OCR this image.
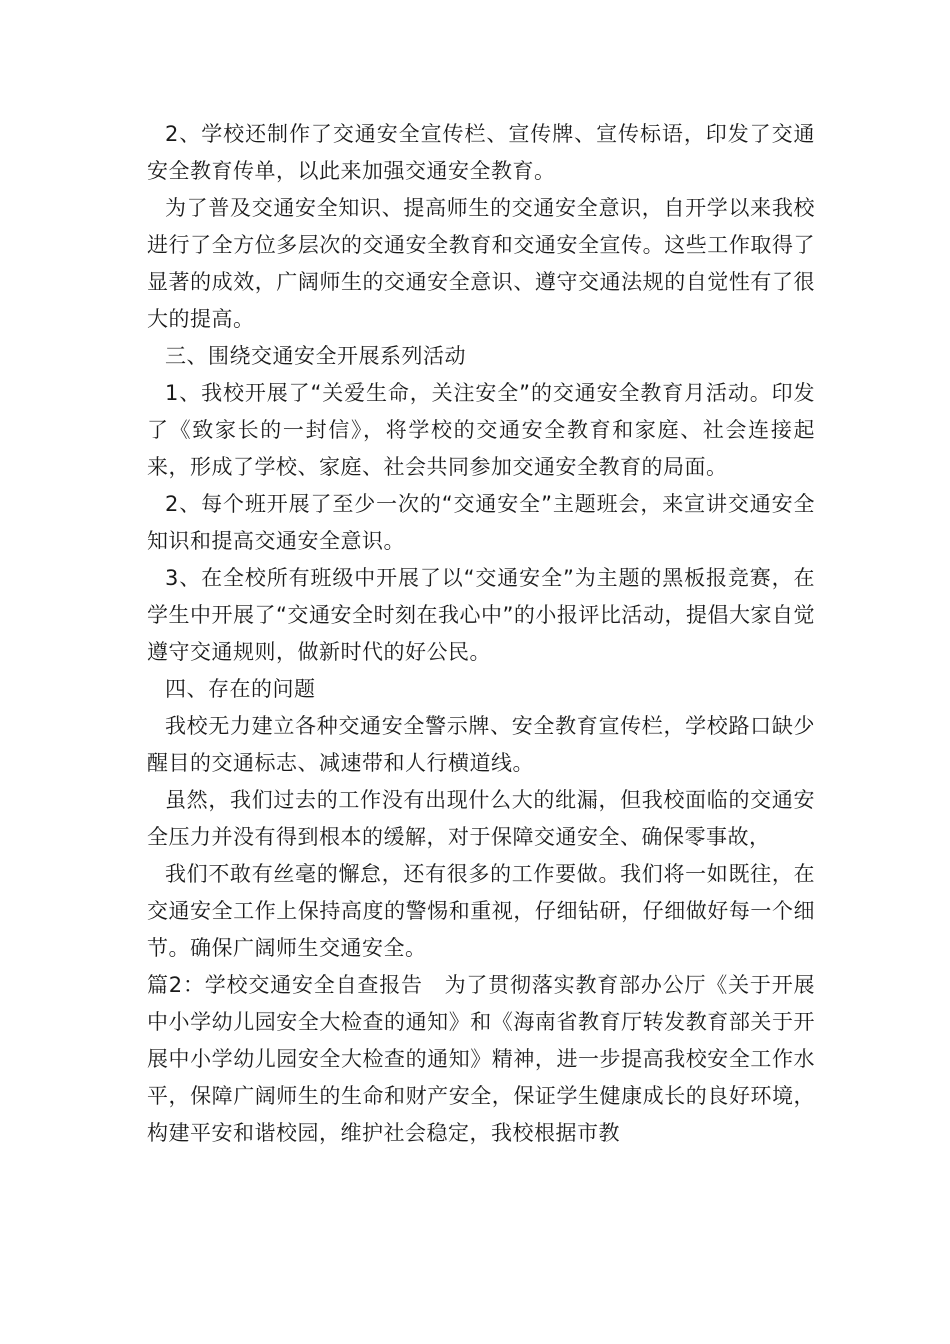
2、学校还制作了交通安全宣传栏、宣传牌、宣传标语，印发了交通安全教育传单，以此来加强交通安全教育。

为了普及交通安全知识、提高师生的交通安全意识，自开学以来我校进行了全方位多层次的交通安全教育和交通安全宣传。这些工作取得了显著的成效，广阔师生的交通安全意识、遵守交通法规的自觉性有了很大的提高。

三、围绕交通安全开展系列活动

1、我校开展了“关爱生命，关注安全”的交通安全教育月活动。印发了《致家长的一封信》，将学校的交通安全教育和家庭、社会连接起来，形成了学校、家庭、社会共同参加交通安全教育的局面。

2、每个班开展了至少一次的“交通安全”主题班会，来宣讲交通安全知识和提高交通安全意识。

3、在全校所有班级中开展了以“交通安全”为主题的黑板报竞赛，在学生中开展了“交通安全时刻在我心中”的小报评比活动，提倡大家自觉遵守交通规则，做新时代的好公民。

四、存在的问题

我校无力建立各种交通安全警示牌、安全教育宣传栏，学校路口缺少醒目的交通标志、减速带和人行横道线。

虽然，我们过去的工作没有出现什么大的纰漏，但我校面临的交通安全压力并没有得到根本的缓解，对于保障交通安全、确保零事故，

我们不敢有丝毫的懈怠，还有很多的工作要做。我们将一如既往，在交通安全工作上保持高度的警惕和重视，仔细钻研，仔细做好每一个细节。确保广阔师生交通安全。

篇2：学校交通安全自查报告　为了贯彻落实教育部办公厅《关于开展中小学幼儿园安全大检查的通知》和《海南省教育厅转发教育部关于开展中小学幼儿园安全大检查的通知》精神，进一步提高我校安全工作水平，保障广阔师生的生命和财产安全，保证学生健康成长的良好环境，构建平安和谐校园，维护社会稳定，我校根据市教
